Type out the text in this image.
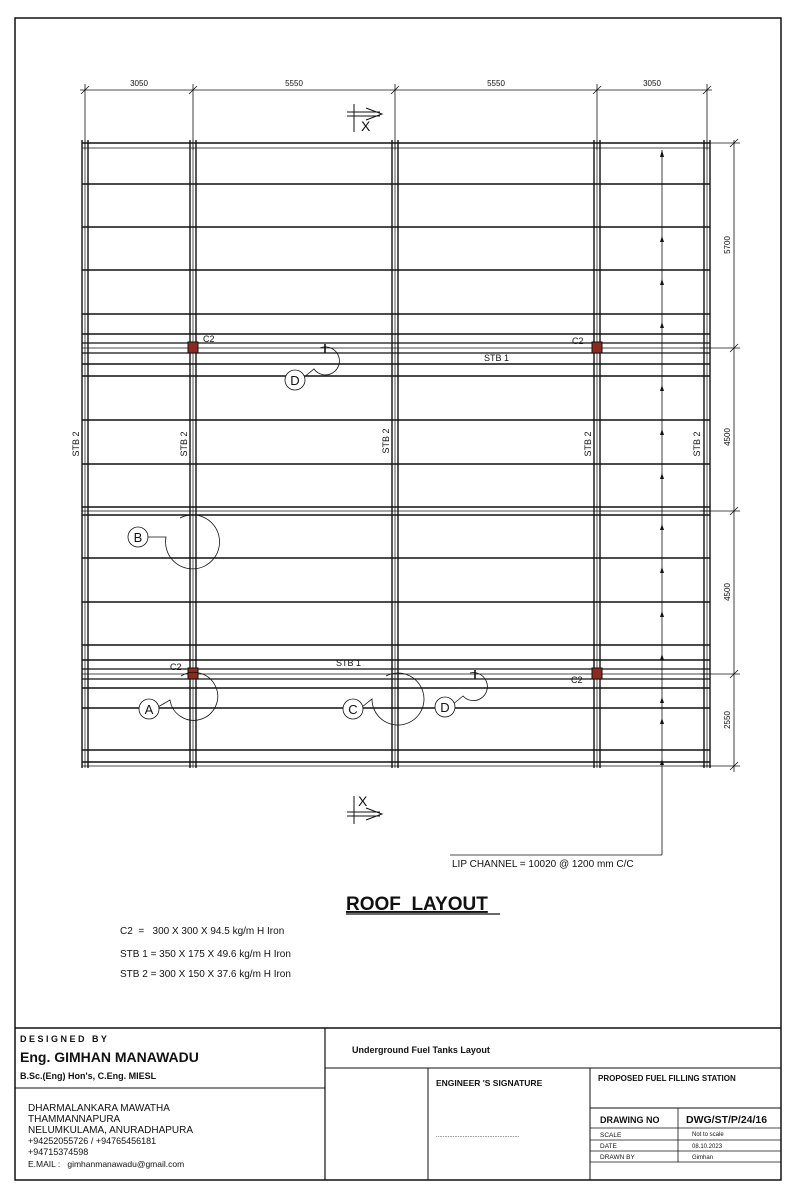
3050	5550	5550	3050
5700
4500
4500
2550
LIP CHANNEL = 10020 @ 1200 mm C/C
C2	C2
C2
C2
STB 1
STB 1
STB 2	STB 2	STB 2	STB 2	STB 2
A
B
C
D
D
X
X
ROOF  LAYOUT
C2  =   300 X 300 X 94.5 kg/m H Iron
STB 1 = 350 X 175 X 49.6 kg/m H Iron
STB 2 = 300 X 150 X 37.6 kg/m H Iron
D E S I G N E D   B Y
Eng. GIMHAN MANAWADU
B.Sc.(Eng) Hon's, C.Eng. MIESL
DHARMALANKARA MAWATHA
THAMMANNAPURA
NELUMKULAMA, ANURADHAPURA
+94252055726 / +94765456181
+94715374598
E.MAIL :   gimhanmanawadu@gmail.com
Underground Fuel Tanks Layout
ENGINEER 'S SIGNATURE
..................................................
PROPOSED FUEL FILLING STATION
DRAWING NO	DWG/ST/P/24/16
SCALE	Not to scale
DATE	08.10.2023
DRAWN BY	Gimhan
